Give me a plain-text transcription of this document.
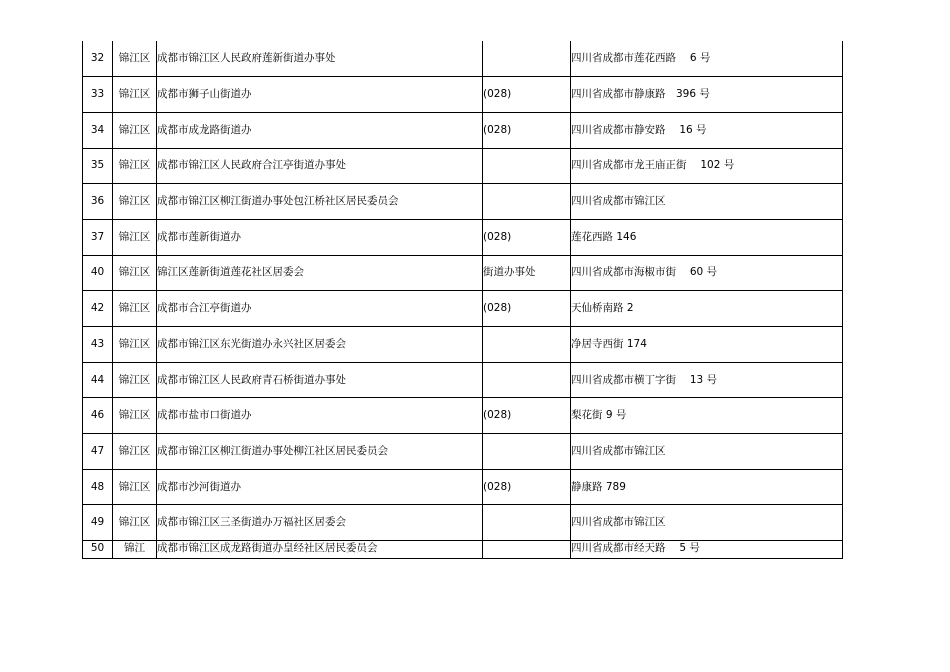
32	锦江区	成都市锦江区人民政府莲新街道办事处		四川省成都市莲花西路　 6 号
33	锦江区	成都市狮子山街道办	(028)	四川省成都市静康路　396 号
34	锦江区	成都市成龙路街道办	(028)	四川省成都市静安路　 16 号
35	锦江区	成都市锦江区人民政府合江亭街道办事处		四川省成都市龙王庙正街　 102 号
36	锦江区	成都市锦江区柳江街道办事处包江桥社区居民委员会		四川省成都市锦江区
37	锦江区	成都市莲新街道办	(028)	莲花西路 146
40	锦江区	锦江区莲新街道莲花社区居委会	街道办事处	四川省成都市海椒市街　 60 号
42	锦江区	成都市合江亭街道办	(028)	天仙桥南路 2
43	锦江区	成都市锦江区东光街道办永兴社区居委会		净居寺西街 174
44	锦江区	成都市锦江区人民政府青石桥街道办事处		四川省成都市横丁字街　 13 号
46	锦江区	成都市盐市口街道办	(028)	梨花街 9 号
47	锦江区	成都市锦江区柳江街道办事处柳江社区居民委员会		四川省成都市锦江区
48	锦江区	成都市沙河街道办	(028)	静康路 789
49	锦江区	成都市锦江区三圣街道办万福社区居委会		四川省成都市锦江区
50	锦江	成都市锦江区成龙路街道办皇经社区居民委员会		四川省成都市经天路　 5 号
